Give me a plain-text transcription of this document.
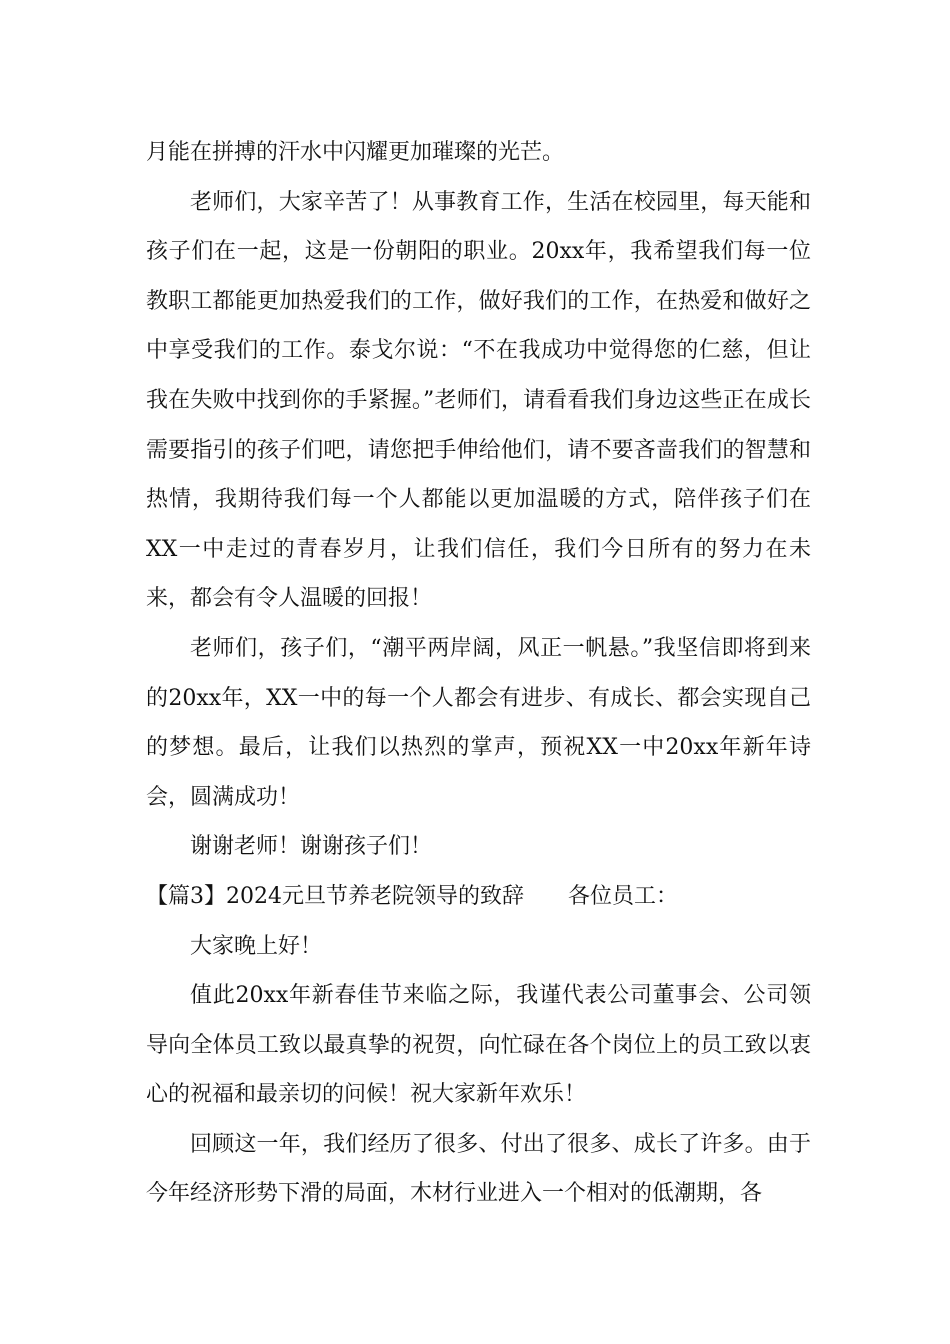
月能在拼搏的汗水中闪耀更加璀璨的光芒。

老师们，大家辛苦了！从事教育工作，生活在校园里，每天能和孩子们在一起，这是一份朝阳的职业。20xx年，我希望我们每一位教职工都能更加热爱我们的工作，做好我们的工作，在热爱和做好之中享受我们的工作。泰戈尔说：“不在我成功中觉得您的仁慈，但让我在失败中找到你的手紧握。”老师们，请看看我们身边这些正在成长需要指引的孩子们吧，请您把手伸给他们，请不要吝啬我们的智慧和热情，我期待我们每一个人都能以更加温暖的方式，陪伴孩子们在XX一中走过的青春岁月，让我们信任，我们今日所有的努力在未来，都会有令人温暖的回报！

老师们，孩子们，“潮平两岸阔，风正一帆悬。”我坚信即将到来的20xx年，XX一中的每一个人都会有进步、有成长、都会实现自己的梦想。最后，让我们以热烈的掌声，预祝XX一中20xx年新年诗会，圆满成功！

谢谢老师！谢谢孩子们！

【篇3】2024元旦节养老院领导的致辞　　各位员工：

大家晚上好！

值此20xx年新春佳节来临之际，我谨代表公司董事会、公司领导向全体员工致以最真挚的祝贺，向忙碌在各个岗位上的员工致以衷心的祝福和最亲切的问候！祝大家新年欢乐！

回顾这一年，我们经历了很多、付出了很多、成长了许多。由于今年经济形势下滑的局面，木材行业进入一个相对的低潮期，各
